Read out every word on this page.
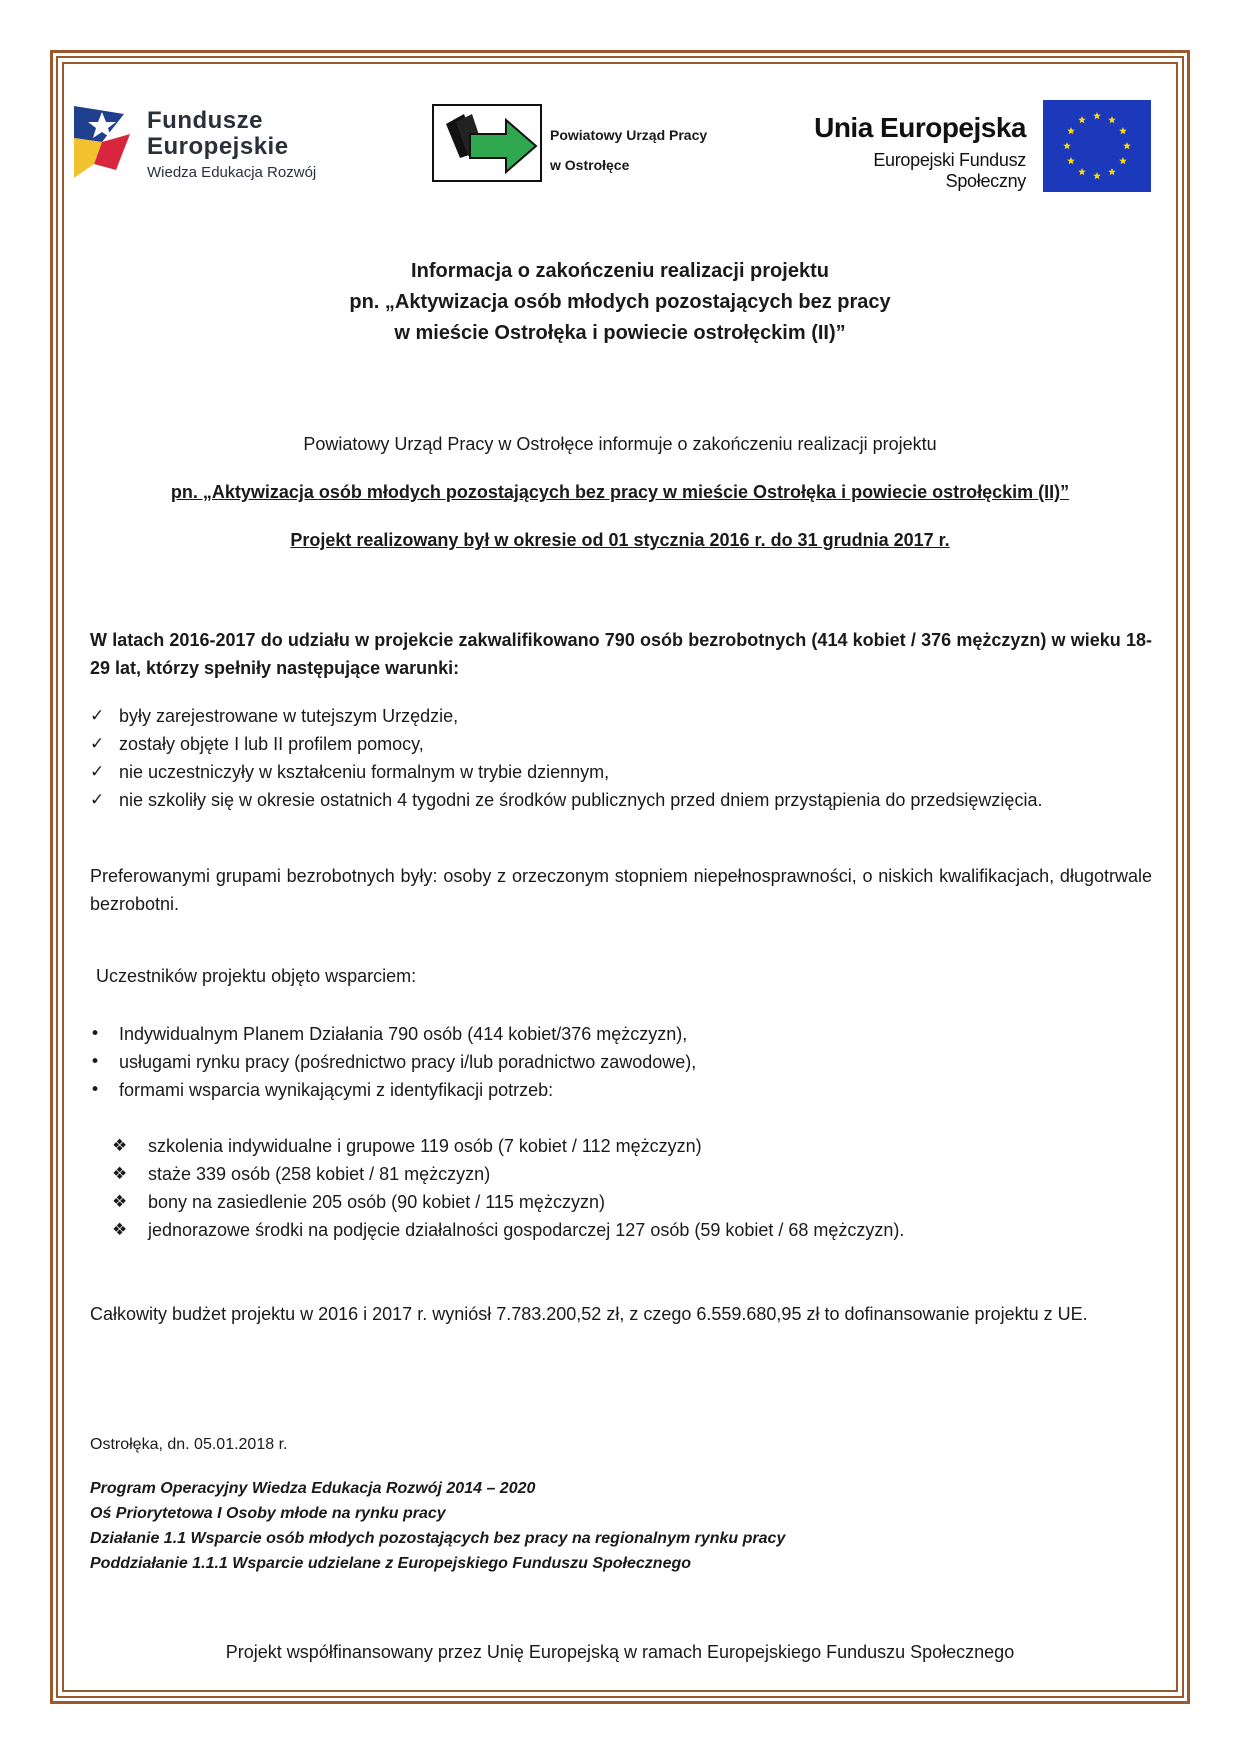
Fundusze
Europejskie
Wiedza Edukacja Rozwój
Powiatowy Urząd Pracy
w Ostrołęce
Unia Europejska
Europejski Fundusz Społeczny
Informacja o zakończeniu realizacji projektu
pn. „Aktywizacja osób młodych pozostających bez pracy
w mieście Ostrołęka i powiecie ostrołęckim (II)”
Powiatowy Urząd Pracy w Ostrołęce informuje o zakończeniu realizacji projektu
pn. „Aktywizacja osób młodych pozostających bez pracy w mieście Ostrołęka i powiecie ostrołęckim (II)”
Projekt realizowany był w okresie od 01 stycznia 2016 r. do 31 grudnia 2017 r.
W latach 2016-2017 do udziału w projekcie zakwalifikowano 790 osób bezrobotnych (414 kobiet / 376 mężczyzn) w wieku 18-29 lat, którzy spełniły następujące warunki:
✓ były zarejestrowane w tutejszym Urzędzie,
✓ zostały objęte I lub II profilem pomocy,
✓ nie uczestniczyły w kształceniu formalnym w trybie dziennym,
✓ nie szkoliły się w okresie ostatnich 4 tygodni ze środków publicznych przed dniem przystąpienia do przedsięwzięcia.
Preferowanymi grupami bezrobotnych były: osoby z orzeczonym stopniem niepełnosprawności, o niskich kwalifikacjach, długotrwale bezrobotni.
Uczestników projektu objęto wsparciem:
• Indywidualnym Planem Działania 790 osób (414 kobiet/376 mężczyzn),
• usługami rynku pracy (pośrednictwo pracy i/lub poradnictwo zawodowe),
• formami wsparcia wynikającymi z identyfikacji potrzeb:
❖ szkolenia indywidualne i grupowe 119 osób (7 kobiet / 112 mężczyzn)
❖ staże 339 osób (258 kobiet / 81 mężczyzn)
❖ bony na zasiedlenie 205 osób (90 kobiet / 115 mężczyzn)
❖ jednorazowe środki na podjęcie działalności gospodarczej 127 osób (59 kobiet / 68 mężczyzn).
Całkowity budżet projektu w 2016 i 2017 r. wyniósł 7.783.200,52 zł, z czego 6.559.680,95 zł to dofinansowanie projektu z UE.
Ostrołęka, dn. 05.01.2018 r.
Program Operacyjny Wiedza Edukacja Rozwój 2014 – 2020
Oś Priorytetowa I Osoby młode na rynku pracy
Działanie 1.1 Wsparcie osób młodych pozostających bez pracy na regionalnym rynku pracy
Poddziałanie 1.1.1 Wsparcie udzielane z Europejskiego Funduszu Społecznego
Projekt współfinansowany przez Unię Europejską w ramach Europejskiego Funduszu Społecznego
